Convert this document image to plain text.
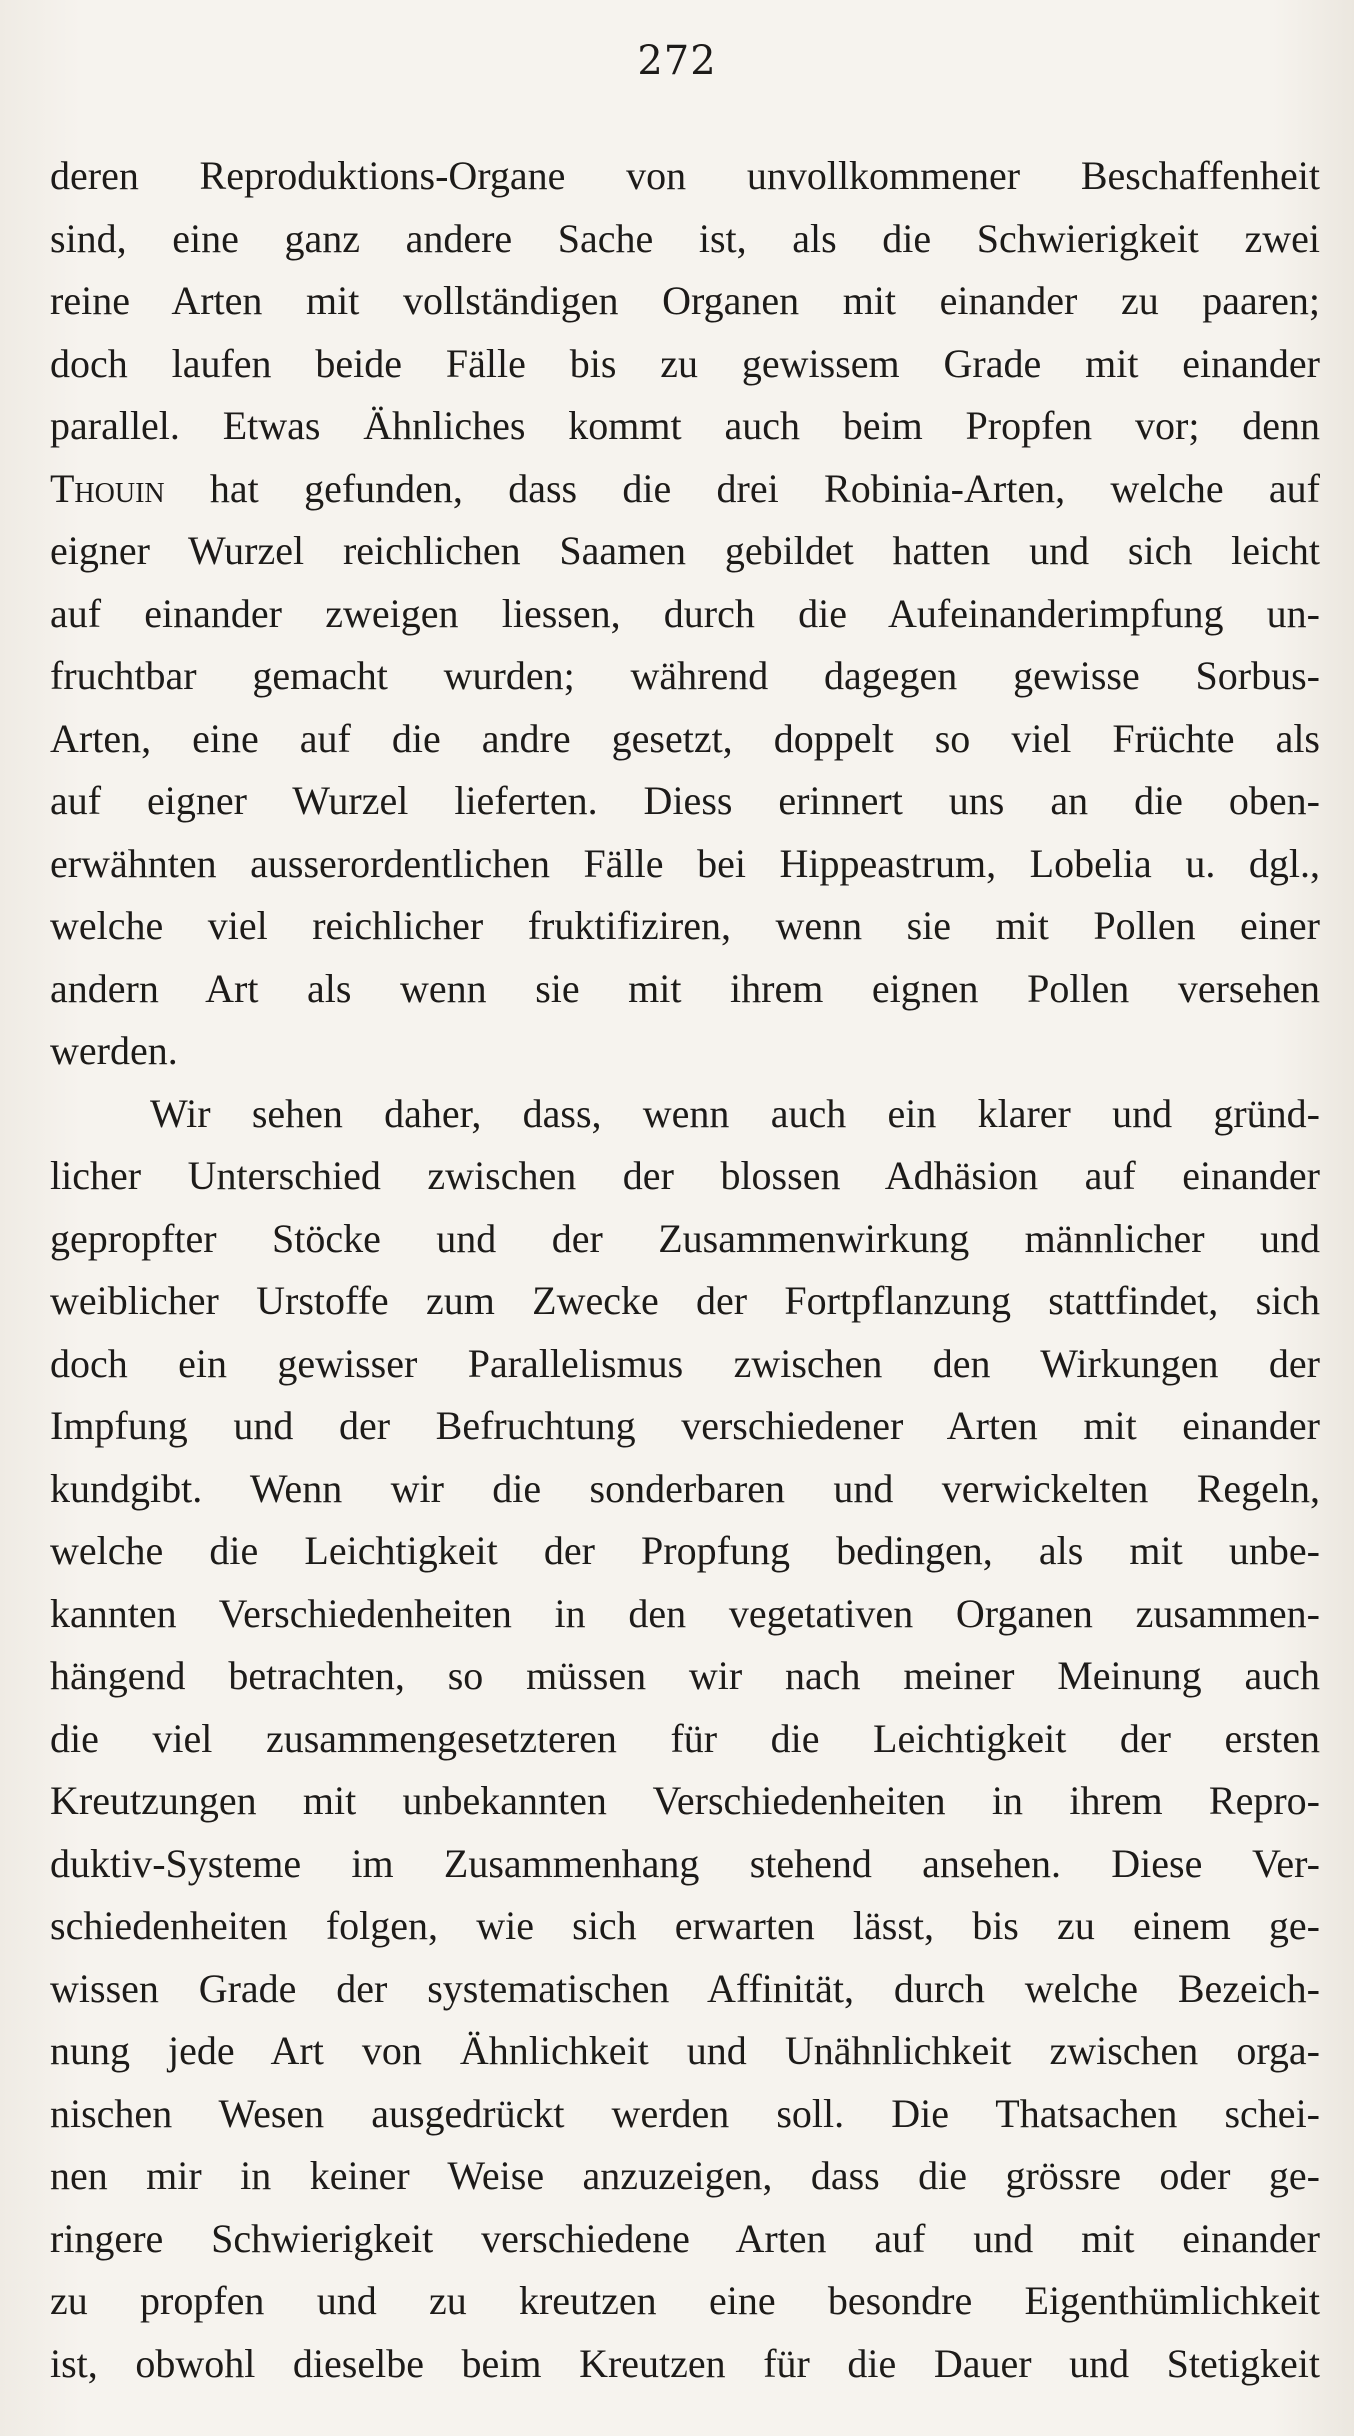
272
deren Reproduktions-Organe von unvollkommener Beschaffenheit
sind, eine ganz andere Sache ist, als die Schwierigkeit zwei
reine Arten mit vollständigen Organen mit einander zu paaren;
doch laufen beide Fälle bis zu gewissem Grade mit einander
parallel. Etwas Ähnliches kommt auch beim Propfen vor; denn
Thouin hat gefunden, dass die drei Robinia-Arten, welche auf
eigner Wurzel reichlichen Saamen gebildet hatten und sich leicht
auf einander zweigen liessen, durch die Aufeinanderimpfung un-
fruchtbar gemacht wurden; während dagegen gewisse Sorbus-
Arten, eine auf die andre gesetzt, doppelt so viel Früchte als
auf eigner Wurzel lieferten. Diess erinnert uns an die oben-
erwähnten ausserordentlichen Fälle bei Hippeastrum, Lobelia u. dgl.,
welche viel reichlicher fruktifiziren, wenn sie mit Pollen einer
andern Art als wenn sie mit ihrem eignen Pollen versehen
werden.
Wir sehen daher, dass, wenn auch ein klarer und gründ-
licher Unterschied zwischen der blossen Adhäsion auf einander
gepropfter Stöcke und der Zusammenwirkung männlicher und
weiblicher Urstoffe zum Zwecke der Fortpflanzung stattfindet, sich
doch ein gewisser Parallelismus zwischen den Wirkungen der
Impfung und der Befruchtung verschiedener Arten mit einander
kundgibt. Wenn wir die sonderbaren und verwickelten Regeln,
welche die Leichtigkeit der Propfung bedingen, als mit unbe-
kannten Verschiedenheiten in den vegetativen Organen zusammen-
hängend betrachten, so müssen wir nach meiner Meinung auch
die viel zusammengesetzteren für die Leichtigkeit der ersten
Kreutzungen mit unbekannten Verschiedenheiten in ihrem Repro-
duktiv-Systeme im Zusammenhang stehend ansehen. Diese Ver-
schiedenheiten folgen, wie sich erwarten lässt, bis zu einem ge-
wissen Grade der systematischen Affinität, durch welche Bezeich-
nung jede Art von Ähnlichkeit und Unähnlichkeit zwischen orga-
nischen Wesen ausgedrückt werden soll. Die Thatsachen schei-
nen mir in keiner Weise anzuzeigen, dass die grössre oder ge-
ringere Schwierigkeit verschiedene Arten auf und mit einander
zu propfen und zu kreutzen eine besondre Eigenthümlichkeit
ist, obwohl dieselbe beim Kreutzen für die Dauer und Stetigkeit
